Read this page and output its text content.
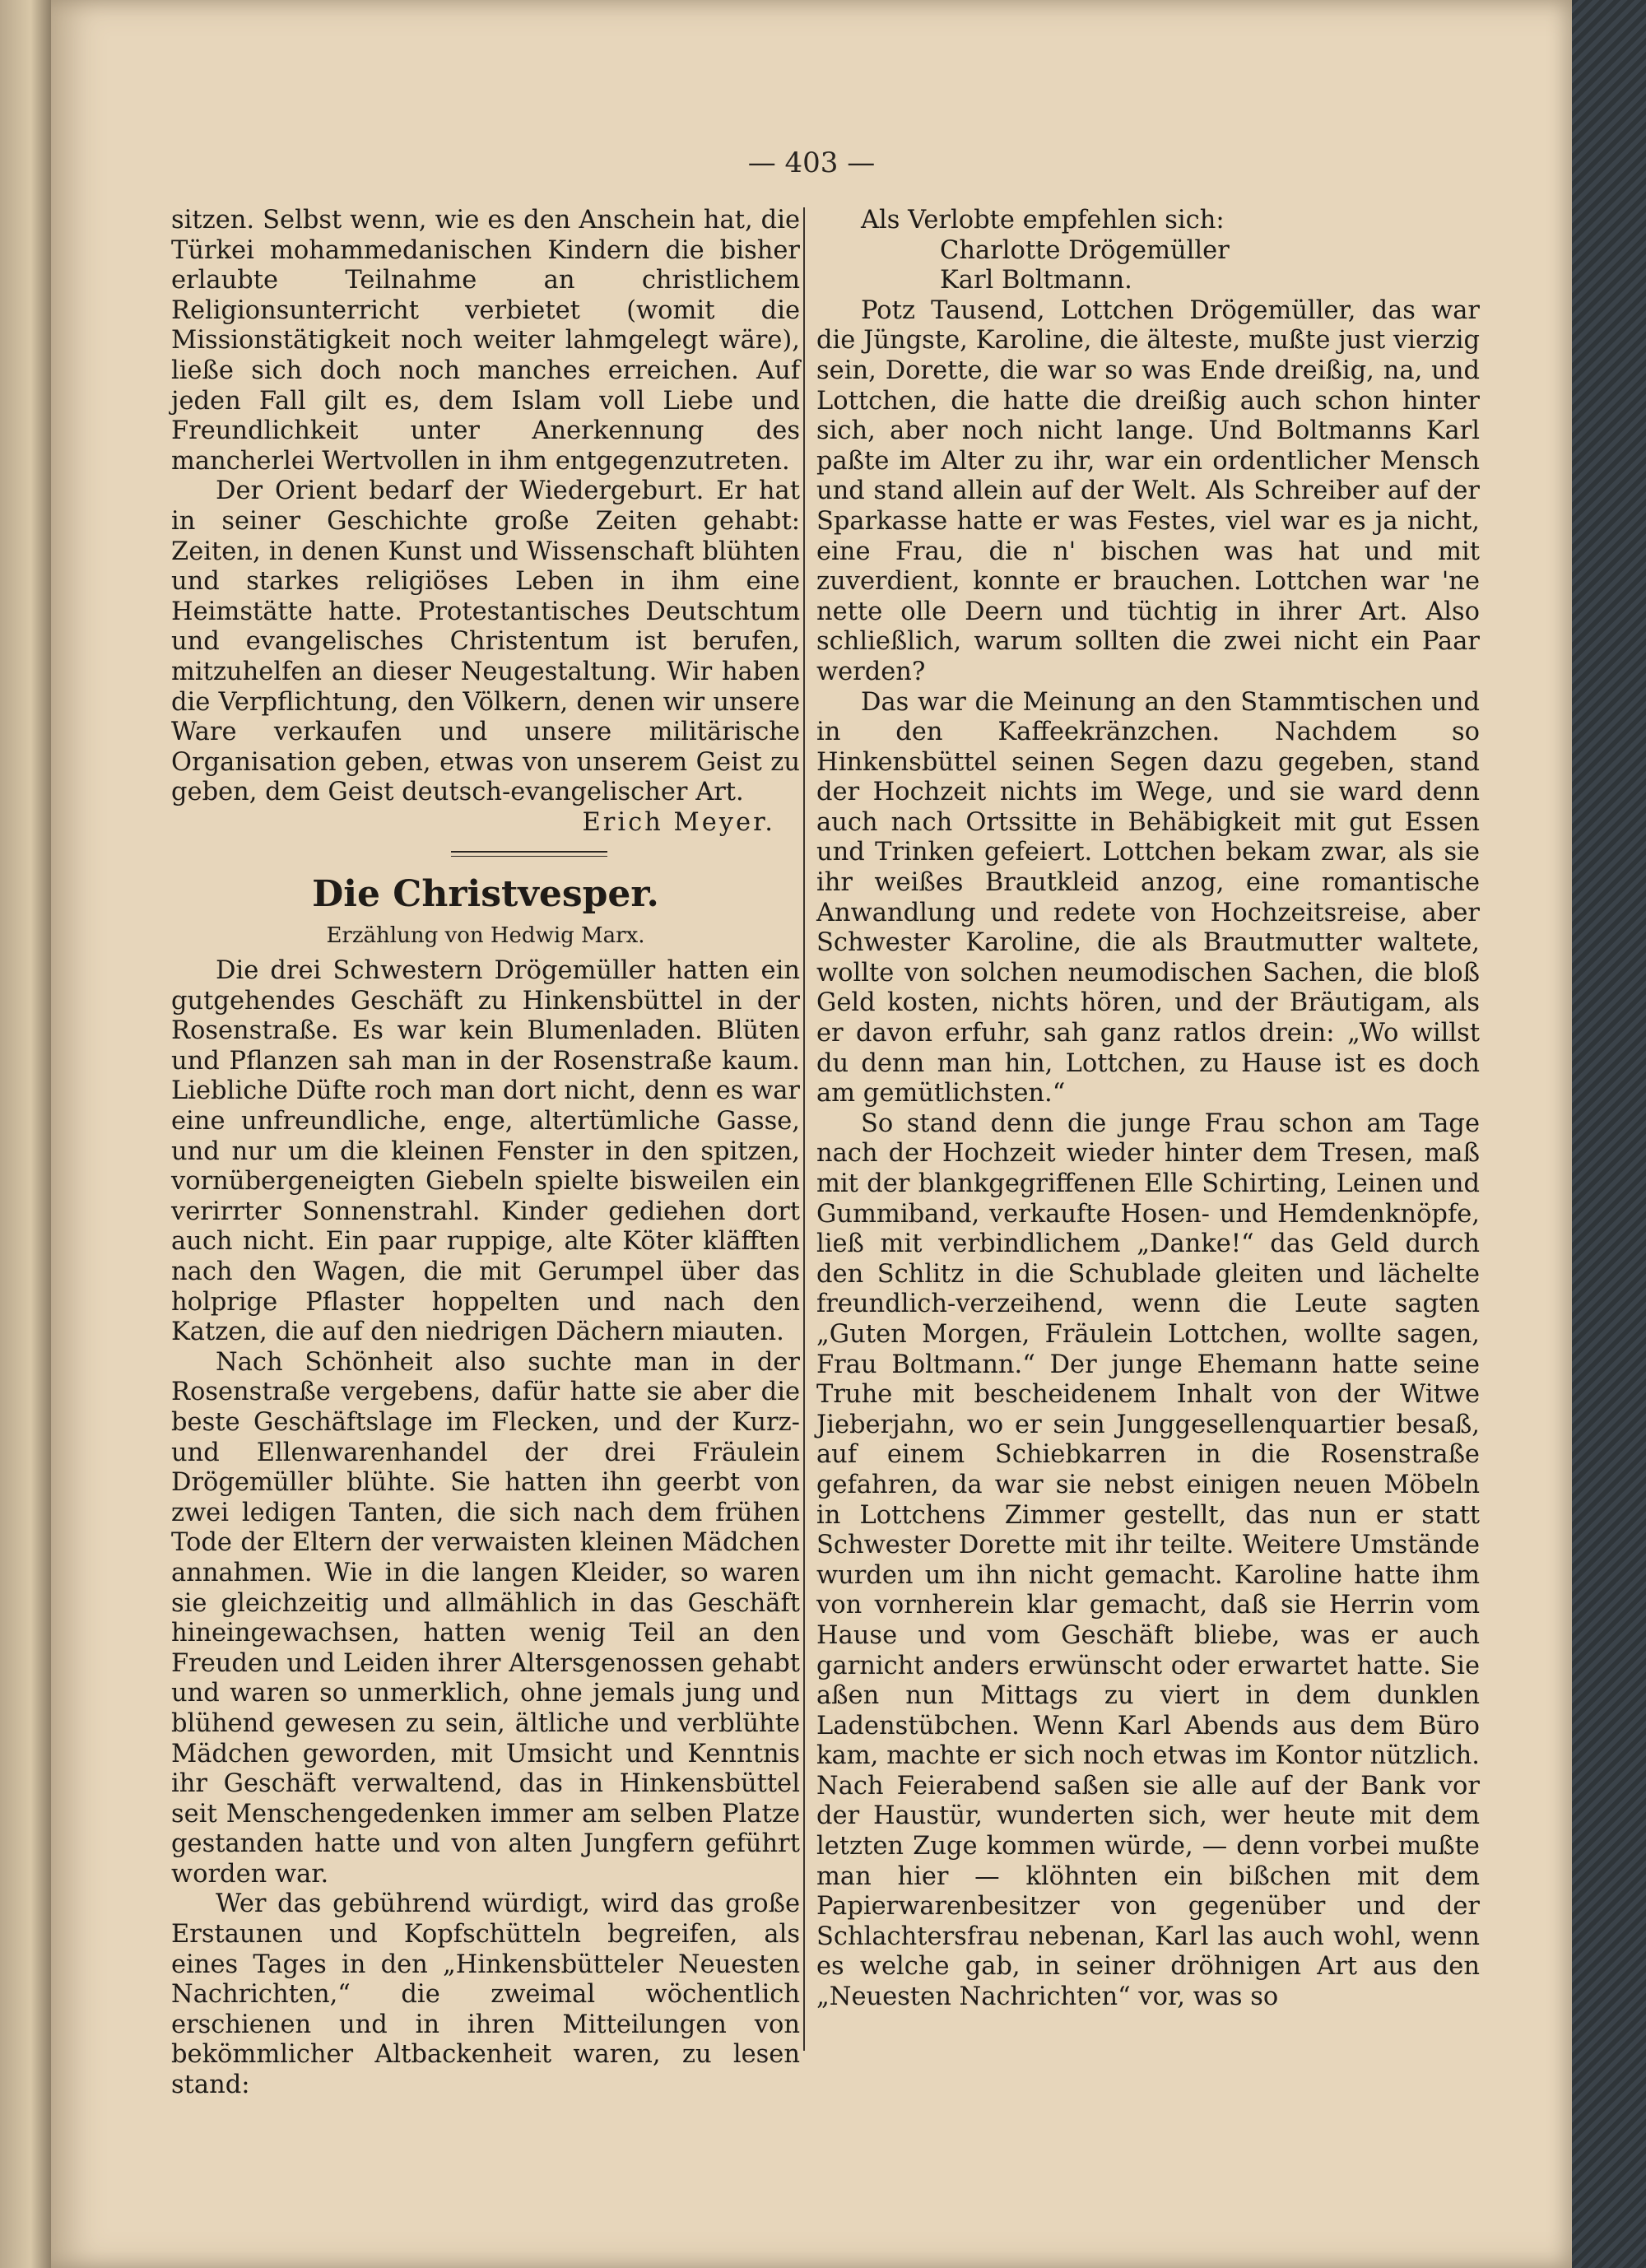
— 403 —

sitzen. Selbst wenn, wie es den Anschein hat, die Türkei mohammedanischen Kindern die bisher erlaubte Teilnahme an christlichem Religionsunterricht verbietet (womit die Missionstätigkeit noch weiter lahmgelegt wäre), ließe sich doch noch manches erreichen. Auf jeden Fall gilt es, dem Islam voll Liebe und Freundlichkeit unter Anerkennung des mancherlei Wertvollen in ihm entgegenzutreten.

Der Orient bedarf der Wiedergeburt. Er hat in seiner Geschichte große Zeiten gehabt: Zeiten, in denen Kunst und Wissenschaft blühten und starkes religiöses Leben in ihm eine Heimstätte hatte. Protestantisches Deutschtum und evangelisches Christentum ist berufen, mitzuhelfen an dieser Neugestaltung. Wir haben die Verpflichtung, den Völkern, denen wir unsere Ware verkaufen und unsere militärische Organisation geben, etwas von unserem Geist zu geben, dem Geist deutsch-evangelischer Art.

Erich Meyer.
Die Christvesper.
Erzählung von Hedwig Marx.

Die drei Schwestern Drögemüller hatten ein gutgehendes Geschäft zu Hinkensbüttel in der Rosenstraße. Es war kein Blumenladen. Blüten und Pflanzen sah man in der Rosenstraße kaum. Liebliche Düfte roch man dort nicht, denn es war eine unfreundliche, enge, altertümliche Gasse, und nur um die kleinen Fenster in den spitzen, vornübergeneigten Giebeln spielte bisweilen ein verirrter Sonnenstrahl. Kinder gediehen dort auch nicht. Ein paar ruppige, alte Köter kläfften nach den Wagen, die mit Gerumpel über das holprige Pflaster hoppelten und nach den Katzen, die auf den niedrigen Dächern miauten.

Nach Schönheit also suchte man in der Rosenstraße vergebens, dafür hatte sie aber die beste Geschäftslage im Flecken, und der Kurz- und Ellenwarenhandel der drei Fräulein Drögemüller blühte. Sie hatten ihn geerbt von zwei ledigen Tanten, die sich nach dem frühen Tode der Eltern der verwaisten kleinen Mädchen annahmen. Wie in die langen Kleider, so waren sie gleichzeitig und allmählich in das Geschäft hineingewachsen, hatten wenig Teil an den Freuden und Leiden ihrer Altersgenossen gehabt und waren so unmerklich, ohne jemals jung und blühend gewesen zu sein, ältliche und verblühte Mädchen geworden, mit Umsicht und Kenntnis ihr Geschäft verwaltend, das in Hinkensbüttel seit Menschengedenken immer am selben Platze gestanden hatte und von alten Jungfern geführt worden war.

Wer das gebührend würdigt, wird das große Erstaunen und Kopfschütteln begreifen, als eines Tages in den „Hinkensbütteler Neuesten Nachrichten,“ die zweimal wöchentlich erschienen und in ihren Mitteilungen von bekömmlicher Altbackenheit waren, zu lesen stand:

Als Verlobte empfehlen sich:
Charlotte Drögemüller
Karl Boltmann.

Potz Tausend, Lottchen Drögemüller, das war die Jüngste, Karoline, die älteste, mußte just vierzig sein, Dorette, die war so was Ende dreißig, na, und Lottchen, die hatte die dreißig auch schon hinter sich, aber noch nicht lange. Und Boltmanns Karl paßte im Alter zu ihr, war ein ordentlicher Mensch und stand allein auf der Welt. Als Schreiber auf der Sparkasse hatte er was Festes, viel war es ja nicht, eine Frau, die n' bischen was hat und mit zuverdient, konnte er brauchen. Lottchen war 'ne nette olle Deern und tüchtig in ihrer Art. Also schließlich, warum sollten die zwei nicht ein Paar werden?

Das war die Meinung an den Stammtischen und in den Kaffeekränzchen. Nachdem so Hinkensbüttel seinen Segen dazu gegeben, stand der Hochzeit nichts im Wege, und sie ward denn auch nach Ortssitte in Behäbigkeit mit gut Essen und Trinken gefeiert. Lottchen bekam zwar, als sie ihr weißes Brautkleid anzog, eine romantische Anwandlung und redete von Hochzeitsreise, aber Schwester Karoline, die als Brautmutter waltete, wollte von solchen neumodischen Sachen, die bloß Geld kosten, nichts hören, und der Bräutigam, als er davon erfuhr, sah ganz ratlos drein: „Wo willst du denn man hin, Lottchen, zu Hause ist es doch am gemütlichsten.“

So stand denn die junge Frau schon am Tage nach der Hochzeit wieder hinter dem Tresen, maß mit der blankgegriffenen Elle Schirting, Leinen und Gummiband, verkaufte Hosen- und Hemdenknöpfe, ließ mit verbindlichem „Danke!“ das Geld durch den Schlitz in die Schublade gleiten und lächelte freundlich-verzeihend, wenn die Leute sagten „Guten Morgen, Fräulein Lottchen, wollte sagen, Frau Boltmann.“ Der junge Ehemann hatte seine Truhe mit bescheidenem Inhalt von der Witwe Jieberjahn, wo er sein Junggesellenquartier besaß, auf einem Schiebkarren in die Rosenstraße gefahren, da war sie nebst einigen neuen Möbeln in Lottchens Zimmer gestellt, das nun er statt Schwester Dorette mit ihr teilte. Weitere Umstände wurden um ihn nicht gemacht. Karoline hatte ihm von vornherein klar gemacht, daß sie Herrin vom Hause und vom Geschäft bliebe, was er auch garnicht anders erwünscht oder erwartet hatte. Sie aßen nun Mittags zu viert in dem dunklen Ladenstübchen. Wenn Karl Abends aus dem Büro kam, machte er sich noch etwas im Kontor nützlich. Nach Feierabend saßen sie alle auf der Bank vor der Haustür, wunderten sich, wer heute mit dem letzten Zuge kommen würde, — denn vorbei mußte man hier — klöhnten ein bißchen mit dem Papierwarenbesitzer von gegenüber und der Schlachtersfrau nebenan, Karl las auch wohl, wenn es welche gab, in seiner dröhnigen Art aus den „Neuesten Nachrichten“ vor, was so
